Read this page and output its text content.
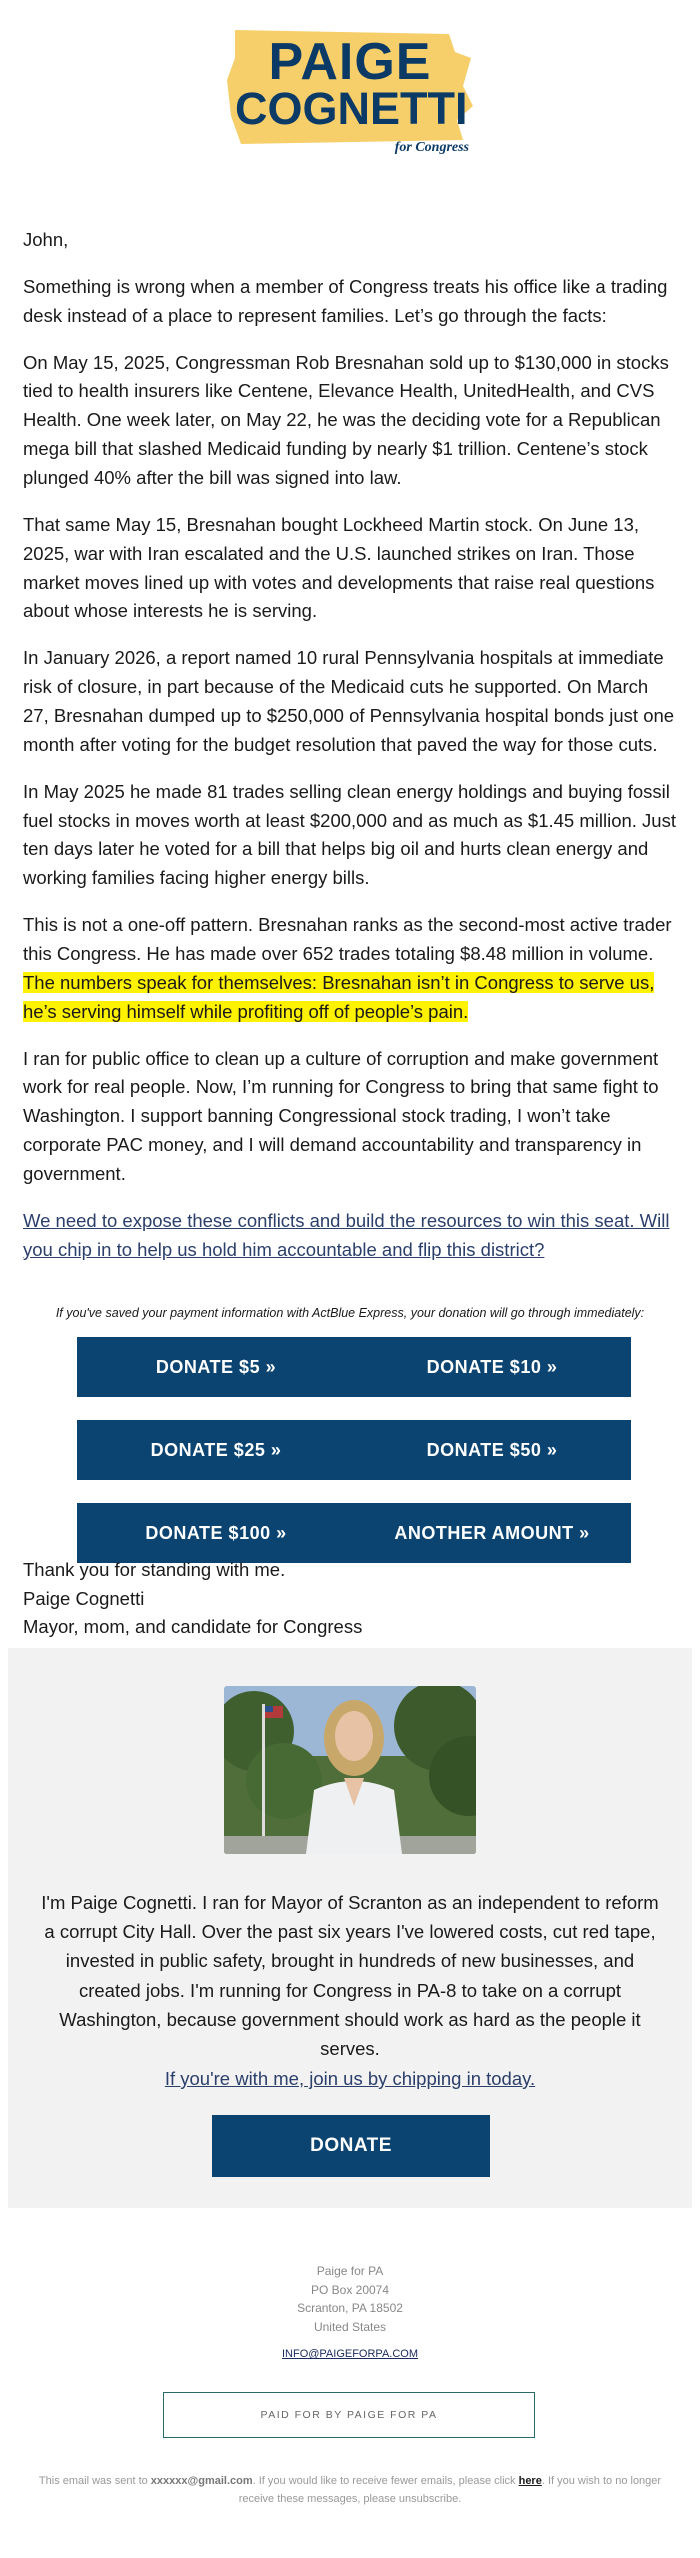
PAIGE
COGNETTI
for Congress

John,

Something is wrong when a member of Congress treats his office like a trading desk instead of a place to represent families. Let’s go through the facts:

On May 15, 2025, Congressman Rob Bresnahan sold up to $130,000 in stocks tied to health insurers like Centene, Elevance Health, UnitedHealth, and CVS Health. One week later, on May 22, he was the deciding vote for a Republican mega bill that slashed Medicaid funding by nearly $1 trillion. Centene’s stock plunged 40% after the bill was signed into law.

That same May 15, Bresnahan bought Lockheed Martin stock. On June 13, 2025, war with Iran escalated and the U.S. launched strikes on Iran. Those market moves lined up with votes and developments that raise real questions about whose interests he is serving.

In January 2026, a report named 10 rural Pennsylvania hospitals at immediate risk of closure, in part because of the Medicaid cuts he supported. On March 27, Bresnahan dumped up to $250,000 of Pennsylvania hospital bonds just one month after voting for the budget resolution that paved the way for those cuts.

In May 2025 he made 81 trades selling clean energy holdings and buying fossil fuel stocks in moves worth at least $200,000 and as much as $1.45 million. Just ten days later he voted for a bill that helps big oil and hurts clean energy and working families facing higher energy bills.

This is not a one-off pattern. Bresnahan ranks as the second-most active trader this Congress. He has made over 652 trades totaling $8.48 million in volume. The numbers speak for themselves: Bresnahan isn’t in Congress to serve us, he’s serving himself while profiting off of people’s pain.

I ran for public office to clean up a culture of corruption and make government work for real people. Now, I’m running for Congress to bring that same fight to Washington. I support banning Congressional stock trading, I won’t take corporate PAC money, and I will demand accountability and transparency in government.

We need to expose these conflicts and build the resources to win this seat. Will you chip in to help us hold him accountable and flip this district?

If you've saved your payment information with ActBlue Express, your donation will go through immediately:
DONATE $5 »	DONATE $10 »
DONATE $25 »	DONATE $50 »
DONATE $100 »	ANOTHER AMOUNT »
Thank you for standing with me.
Paige Cognetti
Mayor, mom, and candidate for Congress
I'm Paige Cognetti. I ran for Mayor of Scranton as an independent to reform a corrupt City Hall. Over the past six years I've lowered costs, cut red tape, invested in public safety, brought in hundreds of new businesses, and created jobs. I'm running for Congress in PA-8 to take on a corrupt Washington, because government should work as hard as the people it serves.
If you're with me, join us by chipping in today.
DONATE
Paige for PA
PO Box 20074
Scranton, PA 18502
United States
INFO@PAIGEFORPA.COM
PAID FOR BY PAIGE FOR PA
This email was sent to xxxxxx@gmail.com. If you would like to receive fewer emails, please click here. If you wish to no longer receive these messages, please unsubscribe.
